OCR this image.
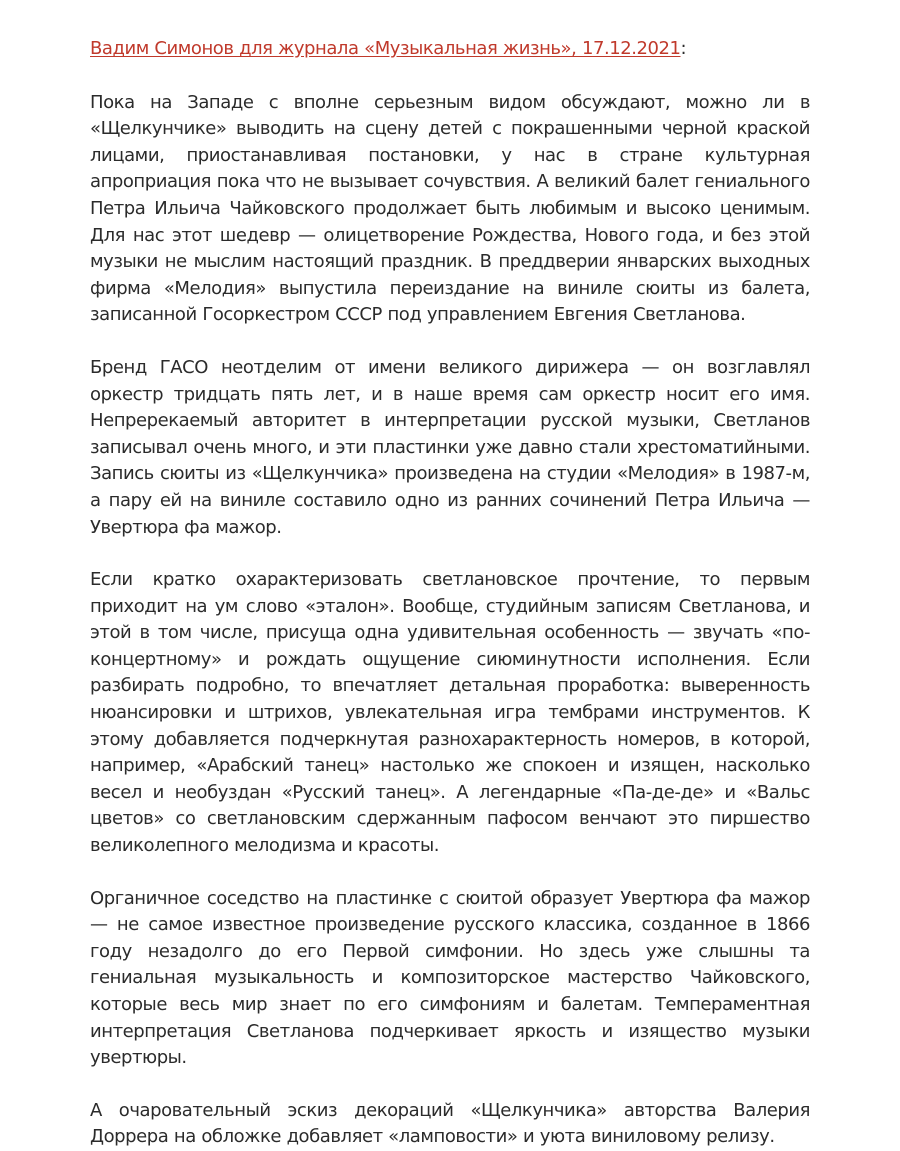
Вадим Симонов для журнала «Музыкальная жизнь», 17.12.2021:

Пока на Западе с вполне серьезным видом обсуждают, можно ли в «Щелкунчике» выводить на сцену детей с покрашенными черной краской лицами, приостанавливая постановки, у нас в стране культурная апроприация пока что не вызывает сочувствия. А великий балет гениального Петра Ильича Чайковского продолжает быть любимым и высоко ценимым. Для нас этот шедевр — олицетворение Рождества, Нового года, и без этой музыки не мыслим настоящий праздник. В преддверии январских выходных фирма «Мелодия» выпустила переиздание на виниле сюиты из балета, записанной Госоркестром СССР под управлением Евгения Светланова.

Бренд ГАСО неотделим от имени великого дирижера — он возглавлял оркестр тридцать пять лет, и в наше время сам оркестр носит его имя. Непререкаемый авторитет в интерпретации русской музыки, Светланов записывал очень много, и эти пластинки уже давно стали хрестоматийными. Запись сюиты из «Щелкунчика» произведена на студии «Мелодия» в 1987-м, а пару ей на виниле составило одно из ранних сочинений Петра Ильича — Увертюра фа мажор.

Если кратко охарактеризовать светлановское прочтение, то первым приходит на ум слово «эталон». Вообще, студийным записям Светланова, и этой в том числе, присуща одна удивительная особенность — звучать «по-концертному» и рождать ощущение сиюминутности исполнения. Если разбирать подробно, то впечатляет детальная проработка: выверенность нюансировки и штрихов, увлекательная игра тембрами инструментов. К этому добавляется подчеркнутая разнохарактерность номеров, в которой, например, «Арабский танец» настолько же спокоен и изящен, насколько весел и необуздан «Русский танец». А легендарные «Па-де-де» и «Вальс цветов» со светлановским сдержанным пафосом венчают это пиршество великолепного мелодизма и красоты.

Органичное соседство на пластинке с сюитой образует Увертюра фа мажор — не самое известное произведение русского классика, созданное в 1866 году незадолго до его Первой симфонии. Но здесь уже слышны та гениальная музыкальность и композиторское мастерство Чайковского, которые весь мир знает по его симфониям и балетам. Темпераментная интерпретация Светланова подчеркивает яркость и изящество музыки увертюры.

А очаровательный эскиз декораций «Щелкунчика» авторства Валерия Доррера на обложке добавляет «ламповости» и уюта виниловому релизу.
